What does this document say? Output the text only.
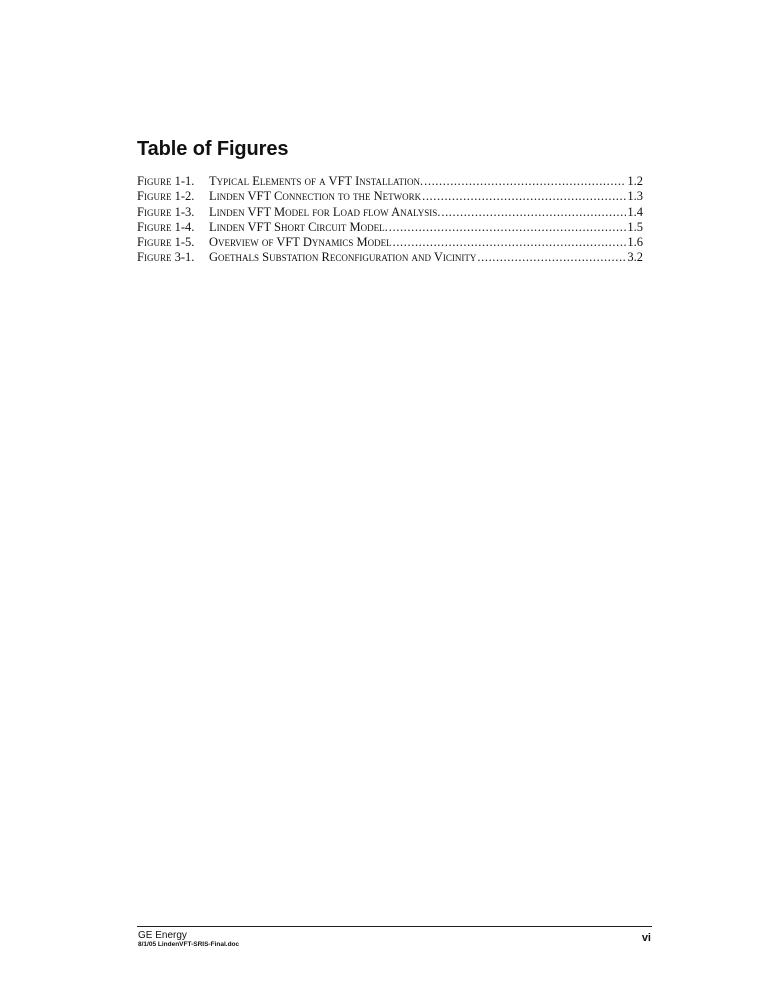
Table of Figures
Figure 1-1.	Typical Elements of a VFT Installation. .....	1.2
Figure 1-2.	Linden VFT Connection to the Network .....	1.3
Figure 1-3.	Linden VFT Model for Load flow Analysis. .....	1.4
Figure 1-4.	Linden VFT Short Circuit Model. .....	1.5
Figure 1-5.	Overview of VFT Dynamics Model .....	1.6
Figure 3-1.	Goethals Substation Reconfiguration and Vicinity .....	3.2
GE Energy
8/1/05 LindenVFT-SRIS-Final.doc
vi
